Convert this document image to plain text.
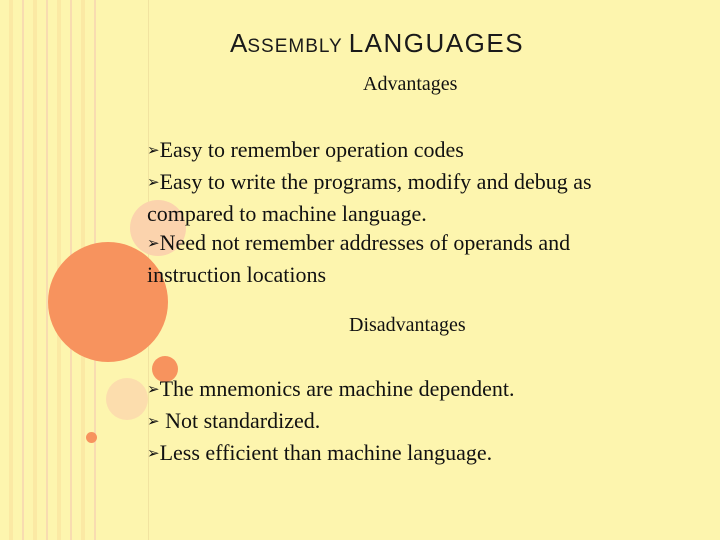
ASSEMBLY LANGUAGES
Advantages
➢Easy to remember operation codes
➢Easy to write the programs, modify and debug as compared to machine language.
➢Need not remember addresses of operands and instruction locations
Disadvantages
➢The mnemonics are machine dependent.
➢ Not standardized.
➢Less efficient than machine language.
